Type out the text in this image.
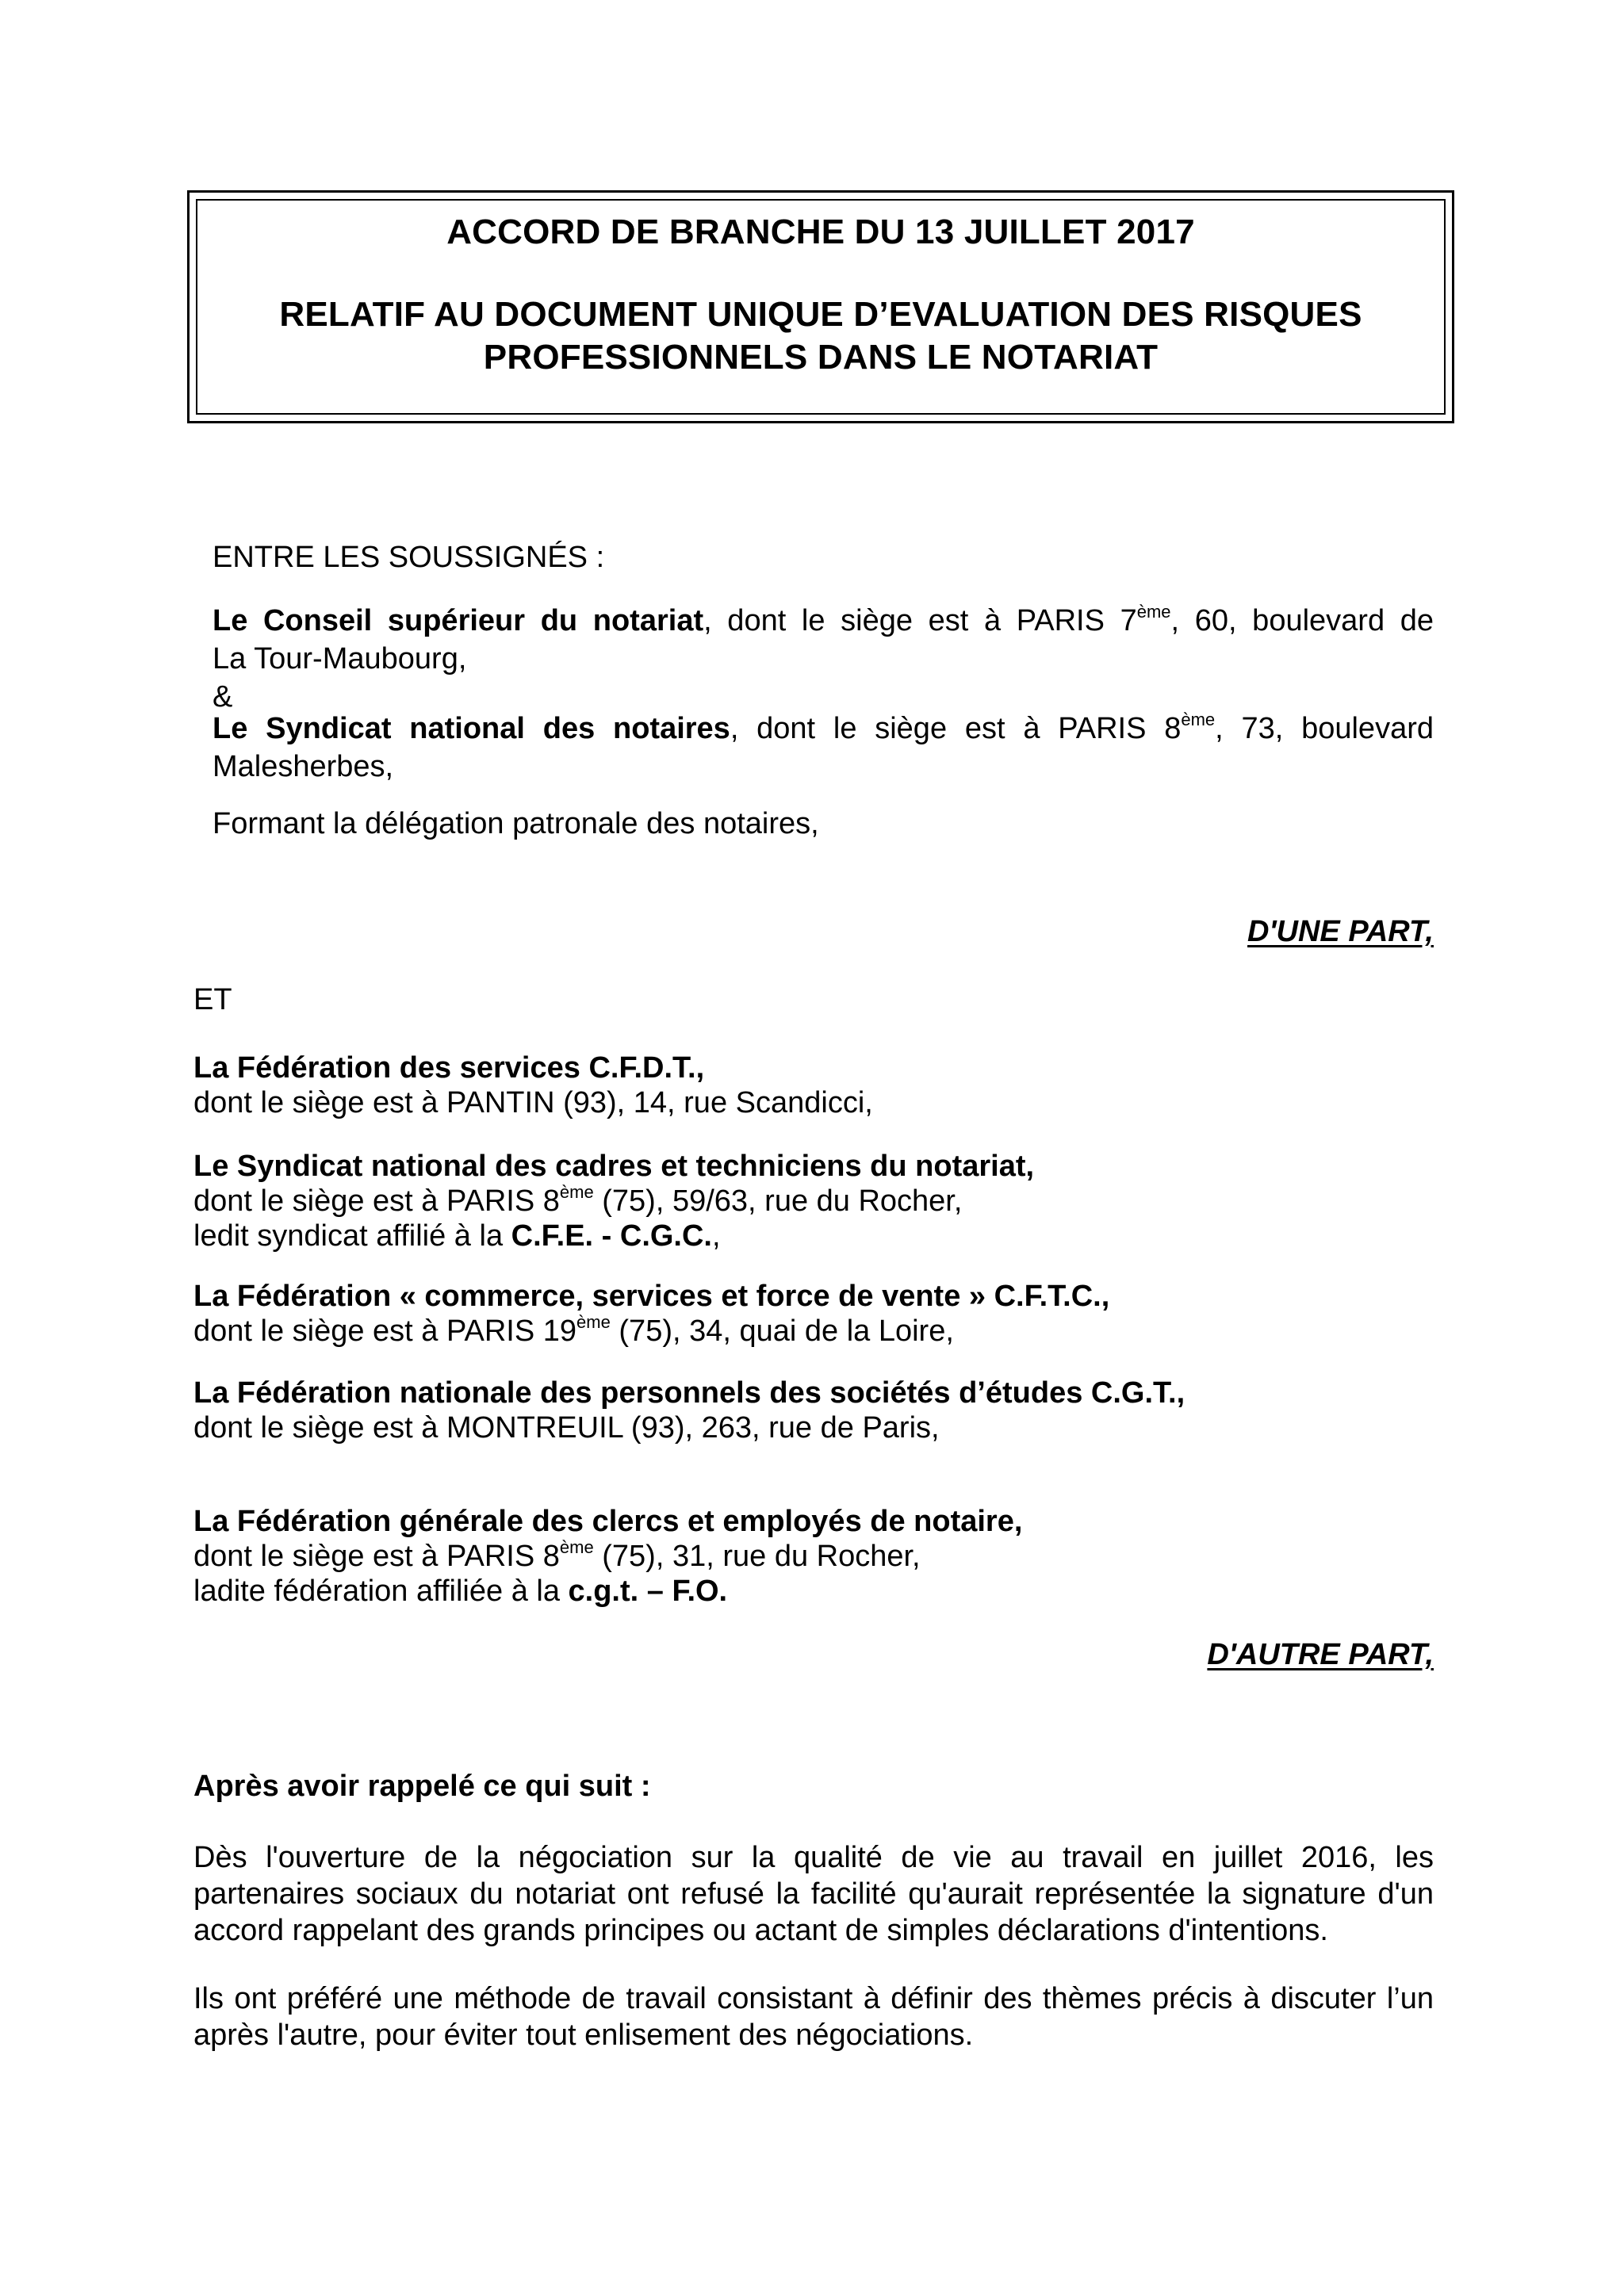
ACCORD DE BRANCHE DU 13 JUILLET 2017
RELATIF AU DOCUMENT UNIQUE D’EVALUATION DES RISQUES
PROFESSIONNELS DANS LE NOTARIAT
ENTRE LES SOUSSIGNÉS :
Le Conseil supérieur du notariat, dont le siège est à PARIS 7ème, 60, boulevard de
La Tour-Maubourg,
&
Le Syndicat national des notaires, dont le siège est à PARIS 8ème, 73, boulevard
Malesherbes,
Formant la délégation patronale des notaires,
D'UNE PART,
ET
La Fédération des services C.F.D.T.,
dont le siège est à PANTIN (93), 14, rue Scandicci,
Le Syndicat national des cadres et techniciens du notariat,
dont le siège est à PARIS 8ème (75), 59/63, rue du Rocher,
ledit syndicat affilié à la C.F.E. - C.G.C.,
La Fédération « commerce, services et force de vente » C.F.T.C.,
dont le siège est à PARIS 19ème (75), 34, quai de la Loire,
La Fédération nationale des personnels des sociétés d’études C.G.T.,
dont le siège est à MONTREUIL (93), 263, rue de Paris,
La Fédération générale des clercs et employés de notaire,
dont le siège est à PARIS 8ème (75), 31, rue du Rocher,
ladite fédération affiliée à la c.g.t. – F.O.
D'AUTRE PART,
Après avoir rappelé ce qui suit :
Dès l'ouverture de la négociation sur la qualité de vie au travail en juillet 2016, les
partenaires sociaux du notariat ont refusé la facilité qu'aurait représentée la signature d'un
accord rappelant des grands principes ou actant de simples déclarations d'intentions.
Ils ont préféré une méthode de travail consistant à définir des thèmes précis à discuter l’un
après l'autre, pour éviter tout enlisement des négociations.
